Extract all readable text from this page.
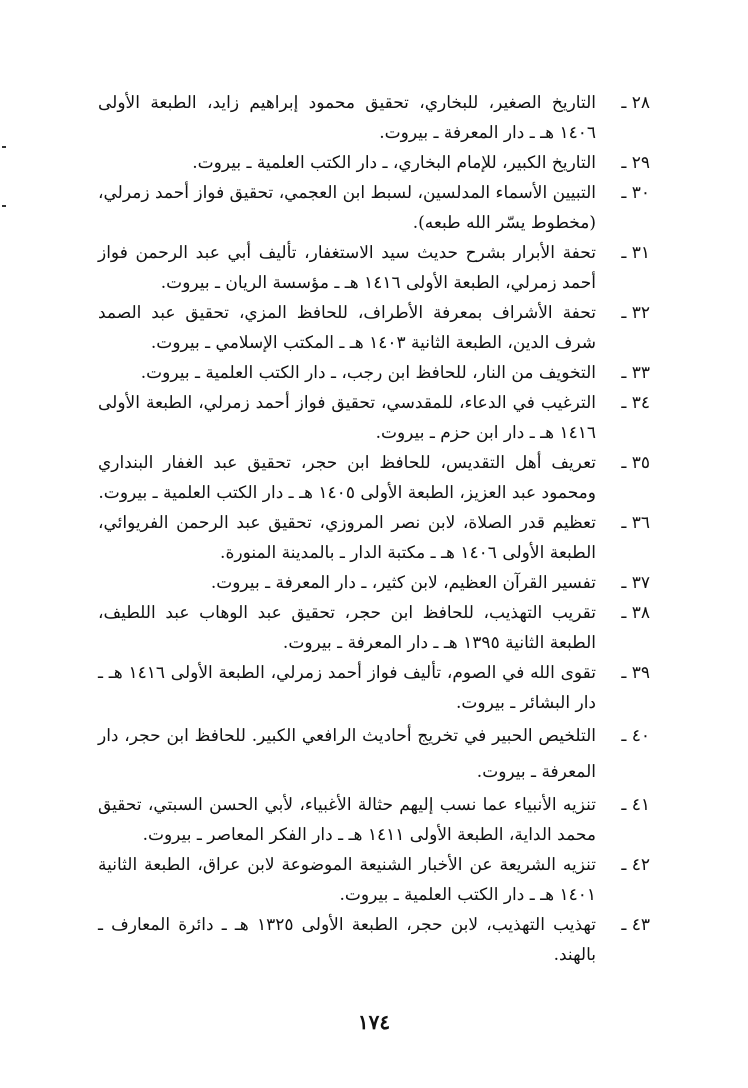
٢٨ ـ
التاريخ الصغير، للبخاري، تحقيق محمود إبراهيم زايد، الطبعة الأولى ١٤٠٦ هـ ـ دار المعرفة ـ بيروت.
٢٩ ـ
التاريخ الكبير، للإمام البخاري، ـ دار الكتب العلمية ـ بيروت.
٣٠ ـ
التبيين الأسماء المدلسين، لسبط ابن العجمي، تحقيق فواز أحمد زمرلي، (مخطوط يسّر الله طبعه).
٣١ ـ
تحفة الأبرار بشرح حديث سيد الاستغفار، تأليف أبي عبد الرحمن فواز أحمد زمرلي، الطبعة الأولى ١٤١٦ هـ ـ مؤسسة الريان ـ بيروت.
٣٢ ـ
تحفة الأشراف بمعرفة الأطراف، للحافظ المزي، تحقيق عبد الصمد شرف الدين، الطبعة الثانية ١٤٠٣ هـ ـ المكتب الإسلامي ـ بيروت.
٣٣ ـ
التخويف من النار، للحافظ ابن رجب، ـ دار الكتب العلمية ـ بيروت.
٣٤ ـ
الترغيب في الدعاء، للمقدسي، تحقيق فواز أحمد زمرلي، الطبعة الأولى ١٤١٦ هـ ـ دار ابن حزم ـ بيروت.
٣٥ ـ
تعريف أهل التقديس، للحافظ ابن حجر، تحقيق عبد الغفار البنداري ومحمود عبد العزيز، الطبعة الأولى ١٤٠٥ هـ ـ دار الكتب العلمية ـ بيروت.
٣٦ ـ
تعظيم قدر الصلاة، لابن نصر المروزي، تحقيق عبد الرحمن الفريوائي، الطبعة الأولى ١٤٠٦ هـ ـ مكتبة الدار ـ بالمدينة المنورة.
٣٧ ـ
تفسير القرآن العظيم، لابن كثير، ـ دار المعرفة ـ بيروت.
٣٨ ـ
تقريب التهذيب، للحافظ ابن حجر، تحقيق عبد الوهاب عبد اللطيف، الطبعة الثانية ١٣٩٥ هـ ـ دار المعرفة ـ بيروت.
٣٩ ـ
تقوى الله في الصوم، تأليف فواز أحمد زمرلي، الطبعة الأولى ١٤١٦ هـ ـ دار البشائر ـ بيروت.
٤٠ ـ
التلخيص الحبير في تخريج أحاديث الرافعي الكبير. للحافظ ابن حجر، دار المعرفة ـ بيروت.
٤١ ـ
تنزيه الأنبياء عما نسب إليهم حثالة الأغبياء، لأبي الحسن السبتي، تحقيق محمد الداية، الطبعة الأولى ١٤١١ هـ ـ دار الفكر المعاصر ـ بيروت.
٤٢ ـ
تنزيه الشريعة عن الأخبار الشنيعة الموضوعة لابن عراق، الطبعة الثانية ١٤٠١ هـ ـ دار الكتب العلمية ـ بيروت.
٤٣ ـ
تهذيب التهذيب، لابن حجر، الطبعة الأولى ١٣٢٥ هـ ـ دائرة المعارف ـ بالهند.
١٧٤
